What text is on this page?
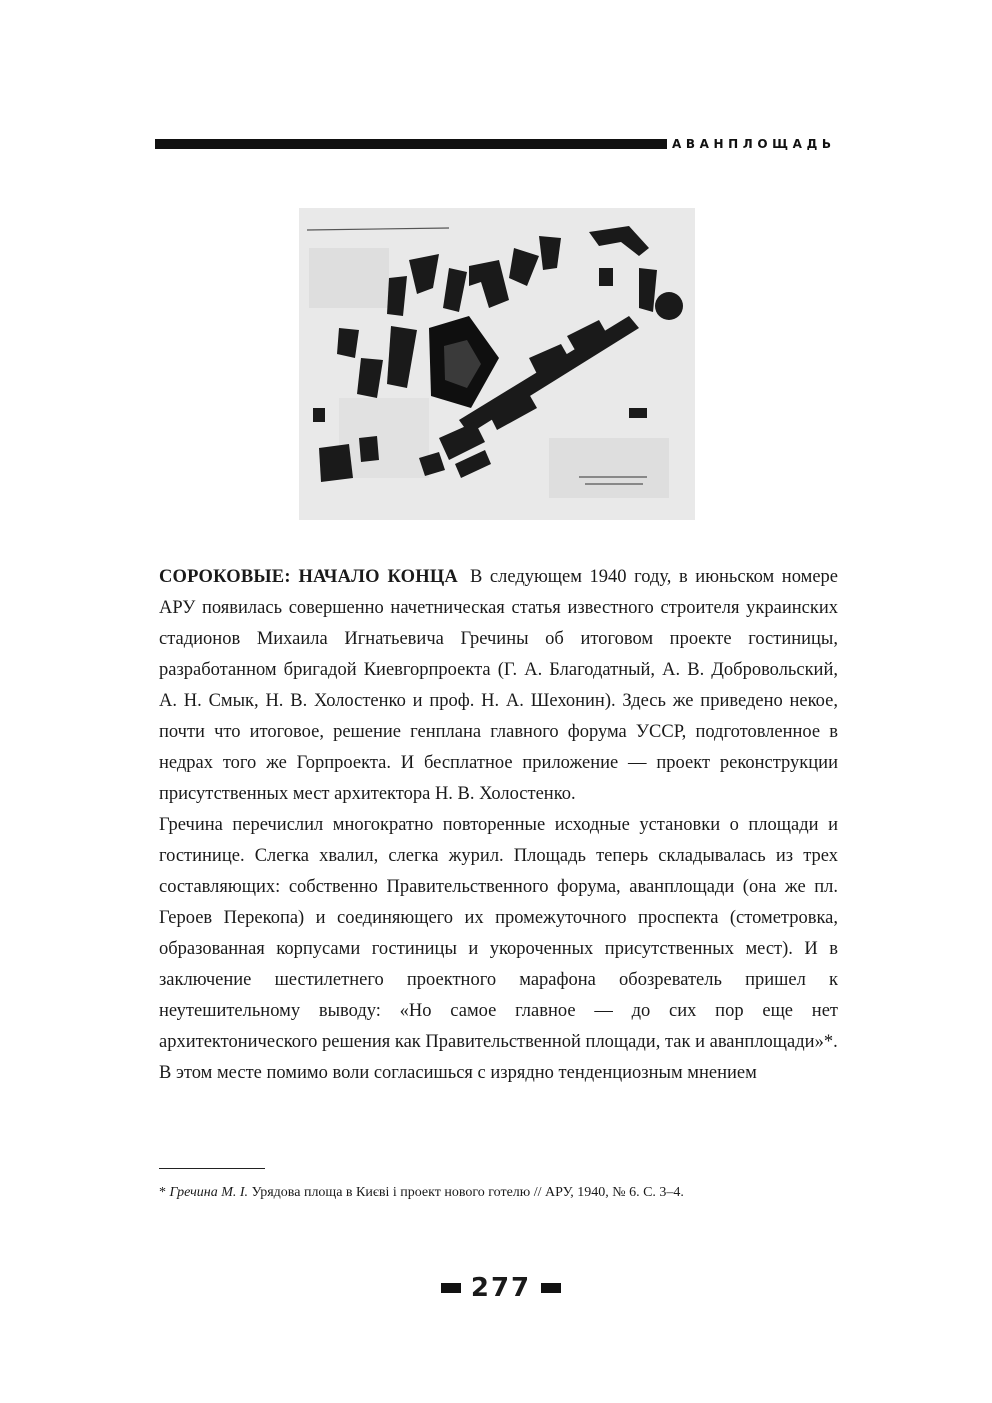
АВАНПЛОЩАДЬ

СОРОКОВЫЕ: НАЧАЛО КОНЦА В следующем 1940 году, в июньском номере АРУ появилась совершенно начетническая статья известного строителя украинских стадионов Михаила Игнатьевича Гречины об итоговом проекте гостиницы, разработанном бригадой Киевгорпроекта (Г. А. Благодатный, А. В. Добровольский, А. Н. Смык, Н. В. Холостенко и проф. Н. А. Шехонин). Здесь же приведено некое, почти что итоговое, решение генплана главного форума УССР, подготовленное в недрах того же Горпроекта. И бесплатное приложение — проект реконструкции присутственных мест архитектора Н. В. Холостенко.

Гречина перечислил многократно повторенные исходные установки о площади и гостинице. Слегка хвалил, слегка журил. Площадь теперь складывалась из трех составляющих: собственно Правительственного форума, аванплощади (она же пл. Героев Перекопа) и соединяющего их промежуточного проспекта (стометровка, образованная корпусами гостиницы и укороченных присутственных мест). И в заключение шестилетнего проектного марафона обозреватель пришел к неутешительному выводу: «Но самое главное — до сих пор еще нет архитектонического решения как Правительственной площади, так и аванплощади»*.

В этом месте помимо воли согласишься с изрядно тенденциозным мнением

* Гречина М. І. Урядова площа в Києві і проект нового готелю // АРУ, 1940, № 6. С. 3–4.
277
